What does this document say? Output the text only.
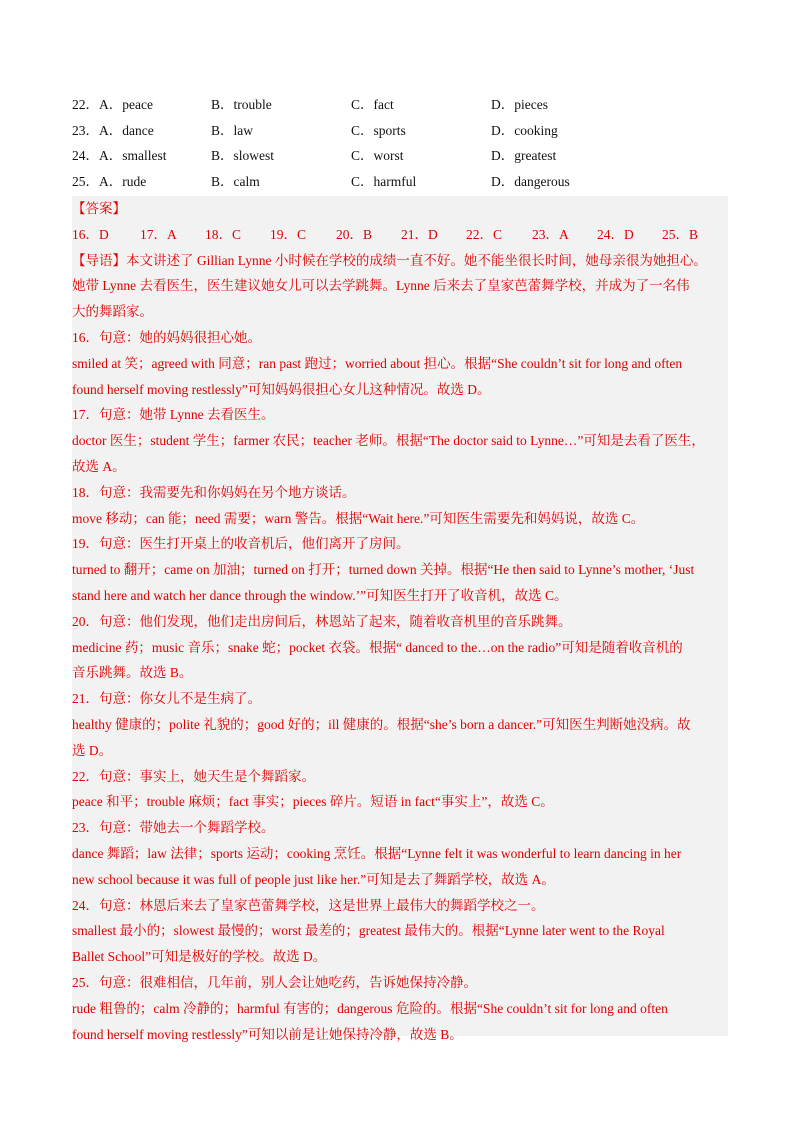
22．A．peace	B．trouble	C．fact	D．pieces
23．A．dance	B．law	C．sports	D．cooking
24．A．smallest	B．slowest	C．worst	D．greatest
25．A．rude	B．calm	C．harmful	D．dangerous
【答案】
16．D 17．A 18．C 19．C 20．B 21．D 22．C 23．A 24．D 25．B
【导语】本文讲述了 Gillian Lynne 小时候在学校的成绩一直不好。她不能坐很长时间，她母亲很为她担心。
她带 Lynne 去看医生，医生建议她女儿可以去学跳舞。Lynne 后来去了皇家芭蕾舞学校，并成为了一名伟
大的舞蹈家。
16．句意：她的妈妈很担心她。
smiled at 笑；agreed with 同意；ran past 跑过；worried about 担心。根据“She couldn’t sit for long and often
found herself moving restlessly”可知妈妈很担心女儿这种情况。故选 D。
17．句意：她带 Lynne 去看医生。
doctor 医生；student 学生；farmer 农民；teacher 老师。根据“The doctor said to Lynne…”可知是去看了医生，
故选 A。
18．句意：我需要先和你妈妈在另个地方谈话。
move 移动；can 能；need 需要；warn 警告。根据“Wait here.”可知医生需要先和妈妈说，故选 C。
19．句意：医生打开桌上的收音机后，他们离开了房间。
turned to 翻开；came on 加油；turned on 打开；turned down 关掉。根据“He then said to Lynne’s mother, ‘Just
stand here and watch her dance through the window.’”可知医生打开了收音机，故选 C。
20．句意：他们发现，他们走出房间后，林恩站了起来，随着收音机里的音乐跳舞。
medicine 药；music 音乐；snake 蛇；pocket 衣袋。根据“ danced to the…on the radio”可知是随着收音机的
音乐跳舞。故选 B。
21．句意：你女儿不是生病了。
healthy 健康的；polite 礼貌的；good 好的；ill 健康的。根据“she’s born a dancer.”可知医生判断她没病。故
选 D。
22．句意：事实上，她天生是个舞蹈家。
peace 和平；trouble 麻烦；fact 事实；pieces 碎片。短语 in fact“事实上”，故选 C。
23．句意：带她去一个舞蹈学校。
dance 舞蹈；law 法律；sports 运动；cooking 烹饪。根据“Lynne felt it was wonderful to learn dancing in her
new school because it was full of people just like her.”可知是去了舞蹈学校，故选 A。
24．句意：林恩后来去了皇家芭蕾舞学校，这是世界上最伟大的舞蹈学校之一。
smallest 最小的；slowest 最慢的；worst 最差的；greatest 最伟大的。根据“Lynne later went to the Royal
Ballet School”可知是极好的学校。故选 D。
25．句意：很难相信，几年前，别人会让她吃药，告诉她保持冷静。
rude 粗鲁的；calm 冷静的；harmful 有害的；dangerous 危险的。根据“She couldn’t sit for long and often
found herself moving restlessly”可知以前是让她保持冷静，故选 B。
